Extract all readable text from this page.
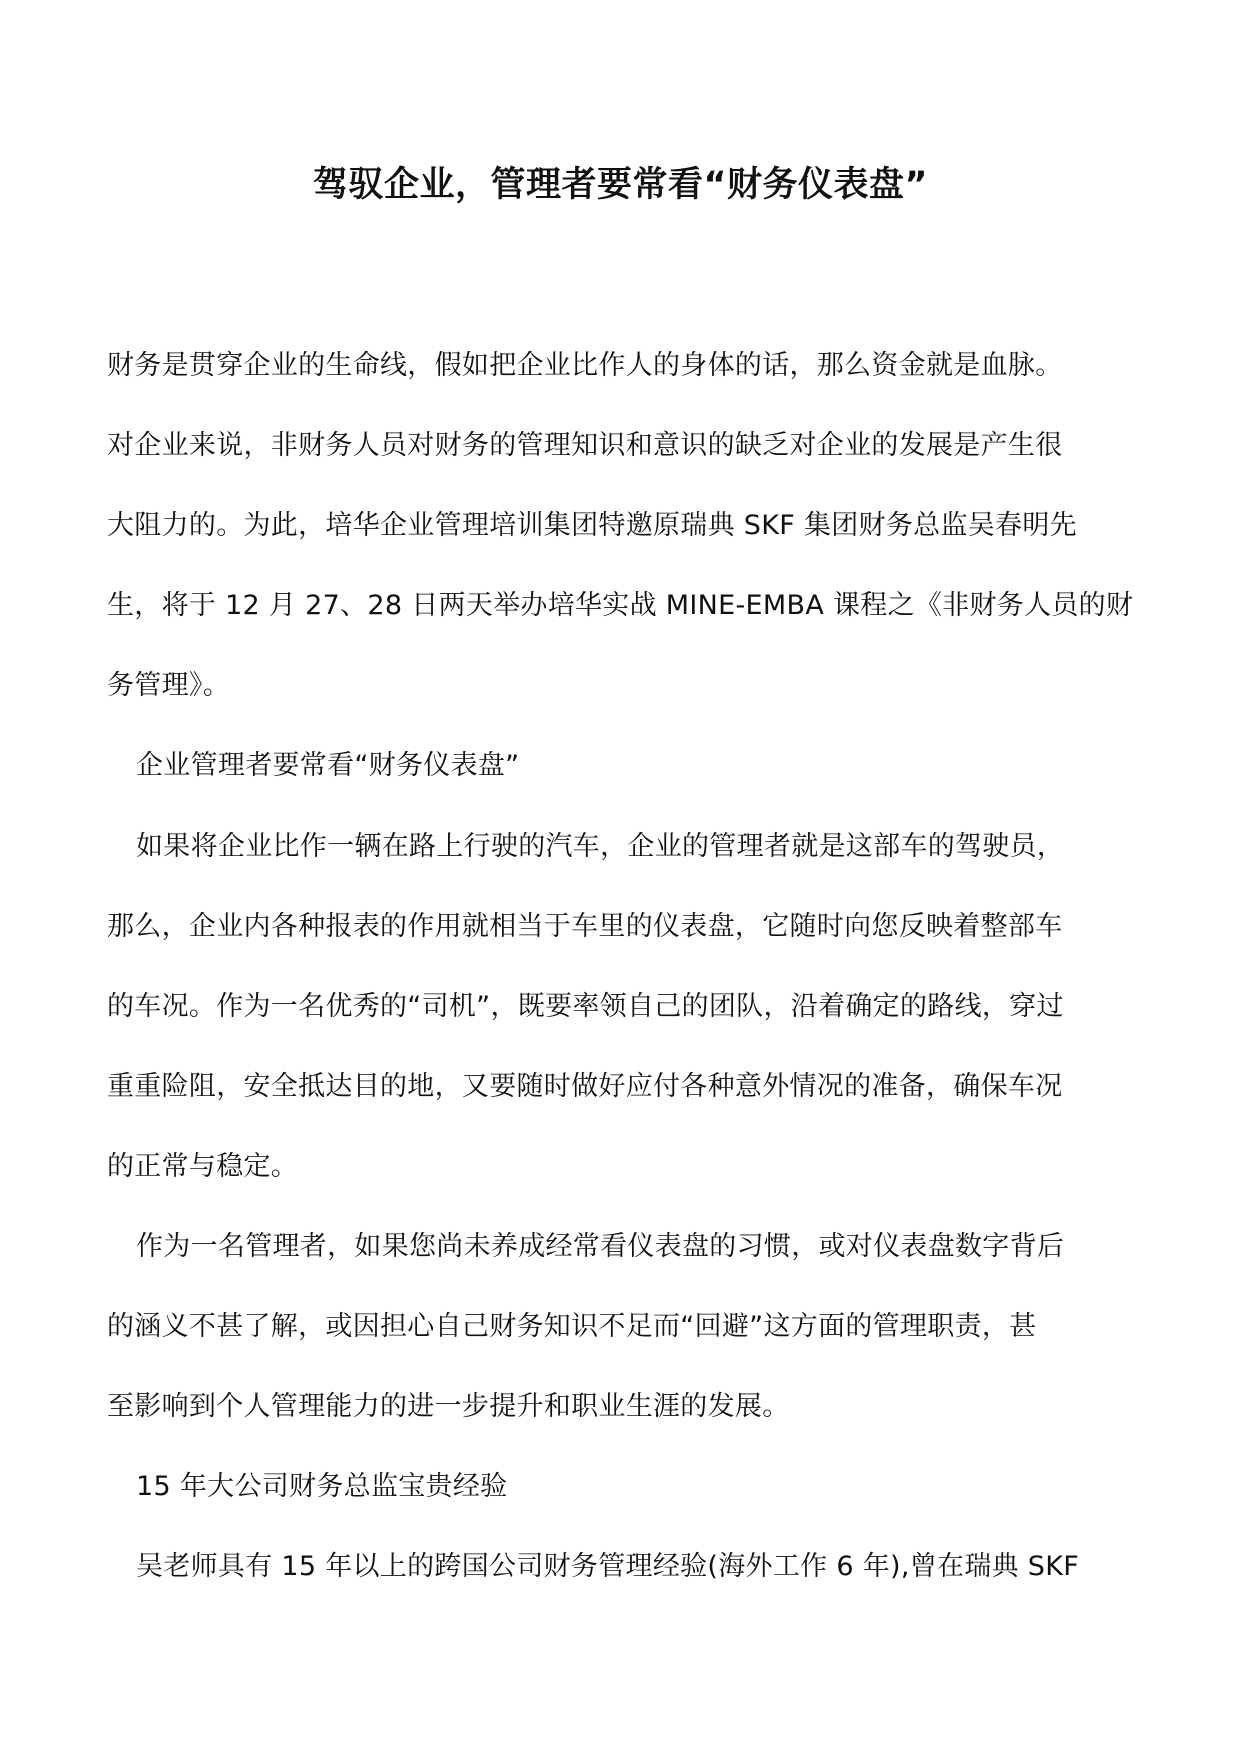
驾驭企业，管理者要常看“财务仪表盘”
财务是贯穿企业的生命线，假如把企业比作人的身体的话，那么资金就是血脉。
对企业来说，非财务人员对财务的管理知识和意识的缺乏对企业的发展是产生很
大阻力的。为此，培华企业管理培训集团特邀原瑞典 SKF 集团财务总监吴春明先
生，将于 12 月 27、28 日两天举办培华实战 MINE-EMBA 课程之《非财务人员的财
务管理》。
企业管理者要常看“财务仪表盘”
如果将企业比作一辆在路上行驶的汽车，企业的管理者就是这部车的驾驶员，
那么，企业内各种报表的作用就相当于车里的仪表盘，它随时向您反映着整部车
的车况。作为一名优秀的“司机”，既要率领自己的团队，沿着确定的路线，穿过
重重险阻，安全抵达目的地，又要随时做好应付各种意外情况的准备，确保车况
的正常与稳定。
作为一名管理者，如果您尚未养成经常看仪表盘的习惯，或对仪表盘数字背后
的涵义不甚了解，或因担心自己财务知识不足而“回避”这方面的管理职责，甚
至影响到个人管理能力的进一步提升和职业生涯的发展。
15 年大公司财务总监宝贵经验
吴老师具有 15 年以上的跨国公司财务管理经验(海外工作 6 年),曾在瑞典 SKF
